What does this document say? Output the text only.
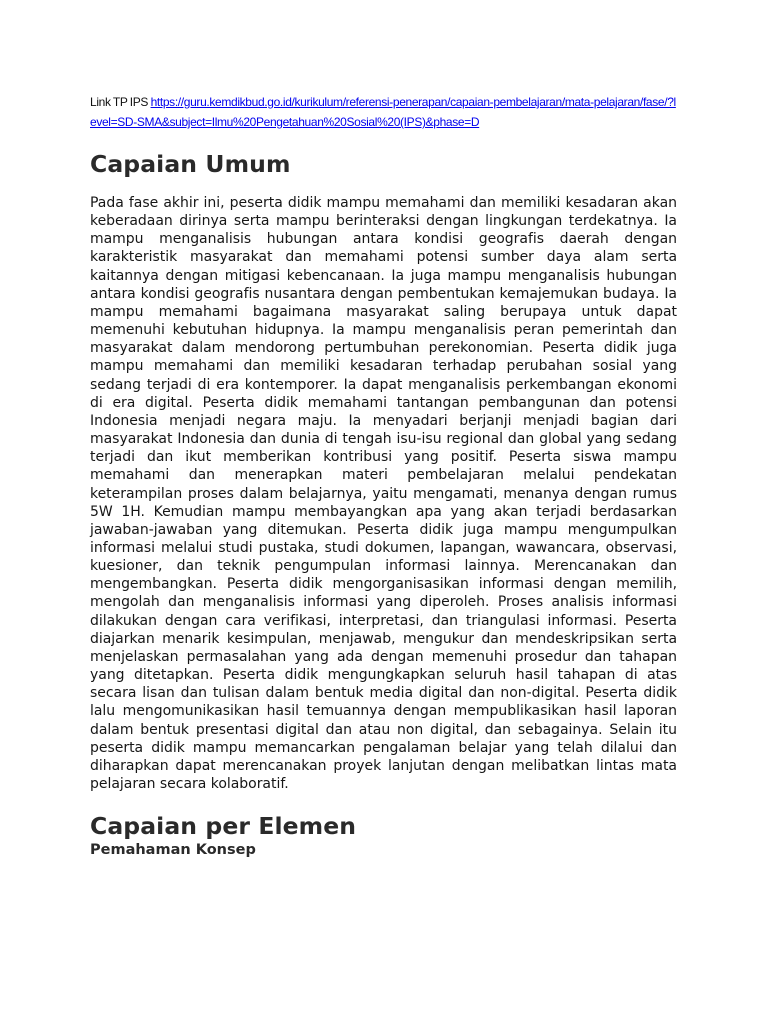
Link TP IPS https://guru.kemdikbud.go.id/kurikulum/referensi-penerapan/capaian-pembelajaran/mata-pelajaran/fase/?level=SD-SMA&subject=Ilmu%20Pengetahuan%20Sosial%20(IPS)&phase=D
Capaian Umum

Pada fase akhir ini, peserta didik mampu memahami dan memiliki kesadaran akan keberadaan dirinya serta mampu berinteraksi dengan lingkungan terdekatnya. Ia mampu menganalisis hubungan antara kondisi geografis daerah dengan karakteristik masyarakat dan memahami potensi sumber daya alam serta kaitannya dengan mitigasi kebencanaan. Ia juga mampu menganalisis hubungan antara kondisi geografis nusantara dengan pembentukan kemajemukan budaya. Ia mampu memahami bagaimana masyarakat saling berupaya untuk dapat memenuhi kebutuhan hidupnya. Ia mampu menganalisis peran pemerintah dan masyarakat dalam mendorong pertumbuhan perekonomian. Peserta didik juga mampu memahami dan memiliki kesadaran terhadap perubahan sosial yang sedang terjadi di era kontemporer. Ia dapat menganalisis perkembangan ekonomi di era digital. Peserta didik memahami tantangan pembangunan dan potensi Indonesia menjadi negara maju. Ia menyadari berjanji menjadi bagian dari masyarakat Indonesia dan dunia di tengah isu-isu regional dan global yang sedang terjadi dan ikut memberikan kontribusi yang positif. Peserta siswa mampu memahami dan menerapkan materi pembelajaran melalui pendekatan keterampilan proses dalam belajarnya, yaitu mengamati, menanya dengan rumus 5W 1H. Kemudian mampu membayangkan apa yang akan terjadi berdasarkan jawaban-jawaban yang ditemukan. Peserta didik juga mampu mengumpulkan informasi melalui studi pustaka, studi dokumen, lapangan, wawancara, observasi, kuesioner, dan teknik pengumpulan informasi lainnya. Merencanakan dan mengembangkan. Peserta didik mengorganisasikan informasi dengan memilih, mengolah dan menganalisis informasi yang diperoleh. Proses analisis informasi dilakukan dengan cara verifikasi, interpretasi, dan triangulasi informasi. Peserta diajarkan menarik kesimpulan, menjawab, mengukur dan mendeskripsikan serta menjelaskan permasalahan yang ada dengan memenuhi prosedur dan tahapan yang ditetapkan. Peserta didik mengungkapkan seluruh hasil tahapan di atas secara lisan dan tulisan dalam bentuk media digital dan non-digital. Peserta didik lalu mengomunikasikan hasil temuannya dengan mempublikasikan hasil laporan dalam bentuk presentasi digital dan atau non digital, dan sebagainya. Selain itu peserta didik mampu memancarkan pengalaman belajar yang telah dilalui dan diharapkan dapat merencanakan proyek lanjutan dengan melibatkan lintas mata pelajaran secara kolaboratif.

Capaian per Elemen
Pemahaman Konsep
